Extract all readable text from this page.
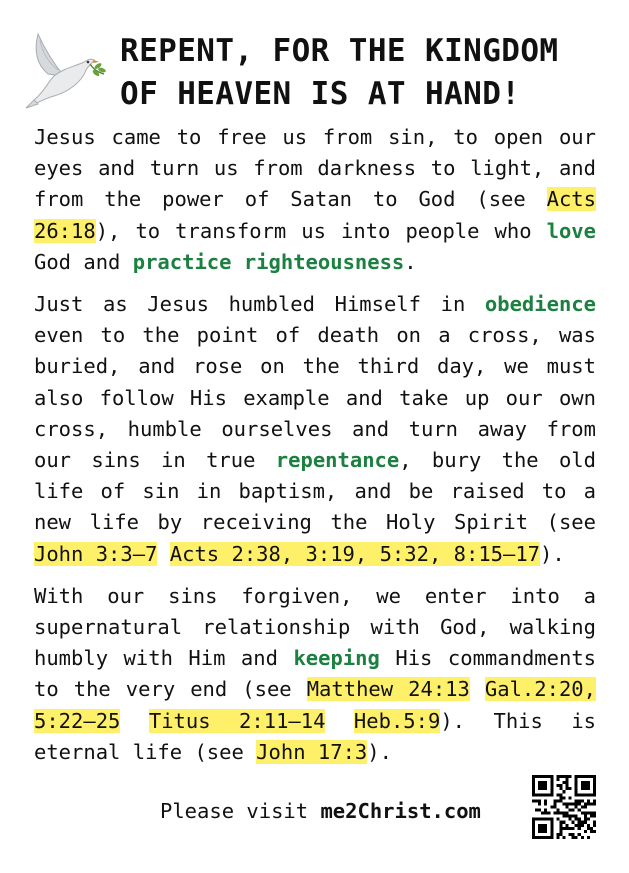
REPENT, FOR THE KINGDOM OF HEAVEN IS AT HAND!

Jesus came to free us from sin, to open our eyes and turn us from darkness to light, and from the power of Satan to God (see Acts 26:18), to transform us into people who love God and practice righteousness.

Just as Jesus humbled Himself in obedience even to the point of death on a cross, was buried, and rose on the third day, we must also follow His example and take up our own cross, humble ourselves and turn away from our sins in true repentance, bury the old life of sin in baptism, and be raised to a new life by receiving the Holy Spirit (see John 3:3–7 Acts 2:38, 3:19, 5:32, 8:15–17).

With our sins forgiven, we enter into a supernatural relationship with God, walking humbly with Him and keeping His commandments to the very end (see Matthew 24:13 Gal.2:20, 5:22–25 Titus 2:11–14 Heb.5:9). This is eternal life (see John 17:3).

Please visit me2Christ.com
